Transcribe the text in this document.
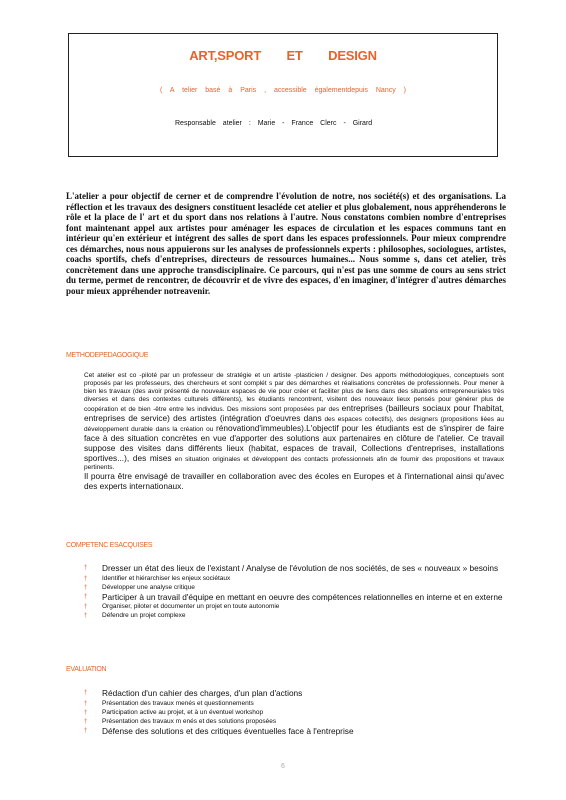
ART,SPORT ET DESIGN
( A telier basé à Paris , accessible égalementdepuis Nancy )
Responsable atelier : Marie - France Clerc - Girard

L'atelier a pour objectif de cerner et de comprendre l'évolution de notre, nos société(s) et des organisations. La réflection et les travaux des designers constituent lesacléde cet atelier et plus globalement, nous appréhenderons le rôle et la place de l' art et du sport dans nos relations à l'autre. Nous constatons combien nombre d'entreprises font maintenant appel aux artistes pour aménager les espaces de circulation et les espaces communs tant en intérieur qu'en extérieur et intégrent des salles de sport dans les espaces professionnels. Pour mieux comprendre ces démarches, nous nous appuierons sur les analyses de professionnels experts : philosophes, sociologues, artistes, coachs sportifs, chefs d'entreprises, directeurs de ressources humaines... Nous somme s, dans cet atelier, très concrètement dans une approche transdisciplinaire. Ce parcours, qui n'est pas une somme de cours au sens strict du terme, permet de rencontrer, de découvrir et de vivre des espaces, d'en imaginer, d'intégrer d'autres démarches pour mieux appréhender notreavenir.

METHODEPEDAGOGIQUE

Cet atelier est co -piloté par un professeur de stratégie et un artiste -plasticien / designer. Des apports méthodologiques, conceptuels sont proposés par les professeurs, des chercheurs et sont complét s par des démarches et réalisations concrètes de professionnels. Pour mener à bien les travaux (des avoir présenté de nouveaux espaces de vie pour créer et faciliter plus de liens dans des situations entrepreneuriales très diverses et dans des contextes culturels différents), les étudiants rencontrent, visitent des nouveaux lieux pensés pour générer plus de coopération et de bien -être entre les individus. Des missions sont proposées par des entreprises (bailleurs sociaux pour l'habitat, entreprises de service) des artistes (intégration d'oeuvres dans des espaces collectifs), des designers (propositions liées au développement durable dans la création ou rénovationd'immeubles).L'objectif pour les étudiants est de s'inspirer de faire face à des situation concrètes en vue d'apporter des solutions aux partenaires en clôture de l'atelier. Ce travail suppose des visites dans différents lieux (habitat, espaces de travail, Collections d'entreprises, installations sportives...), des mises en situation originales et développent des contacts professionnels afin de fournir des propositions et travaux pertinents.

Il pourra être envisagé de travailler en collaboration avec des écoles en Europes et à l'international ainsi qu'avec des experts internationaux.

COMPETENC ESACQUISES
† Dresser un état des lieux de l'existant / Analyse de l'évolution de nos sociétés, de ses « nouveaux » besoins
† Identifier et hiérarchiser les enjeux sociétaux
† Développer une analyse critique
† Participer à un travail d'équipe en mettant en oeuvre des compétences relationnelles en interne et en externe
† Organiser, piloter et documenter un projet en toute autonomie
† Défendre un projet complexe
EVALUATION
† Rédaction d'un cahier des charges, d'un plan d'actions
† Présentation des travaux menés et questionnements
† Participation active au projet, et à un éventuel workshop
† Présentation des travaux m enés et des solutions proposées
† Défense des solutions et des critiques éventuelles face à l'entreprise
6
